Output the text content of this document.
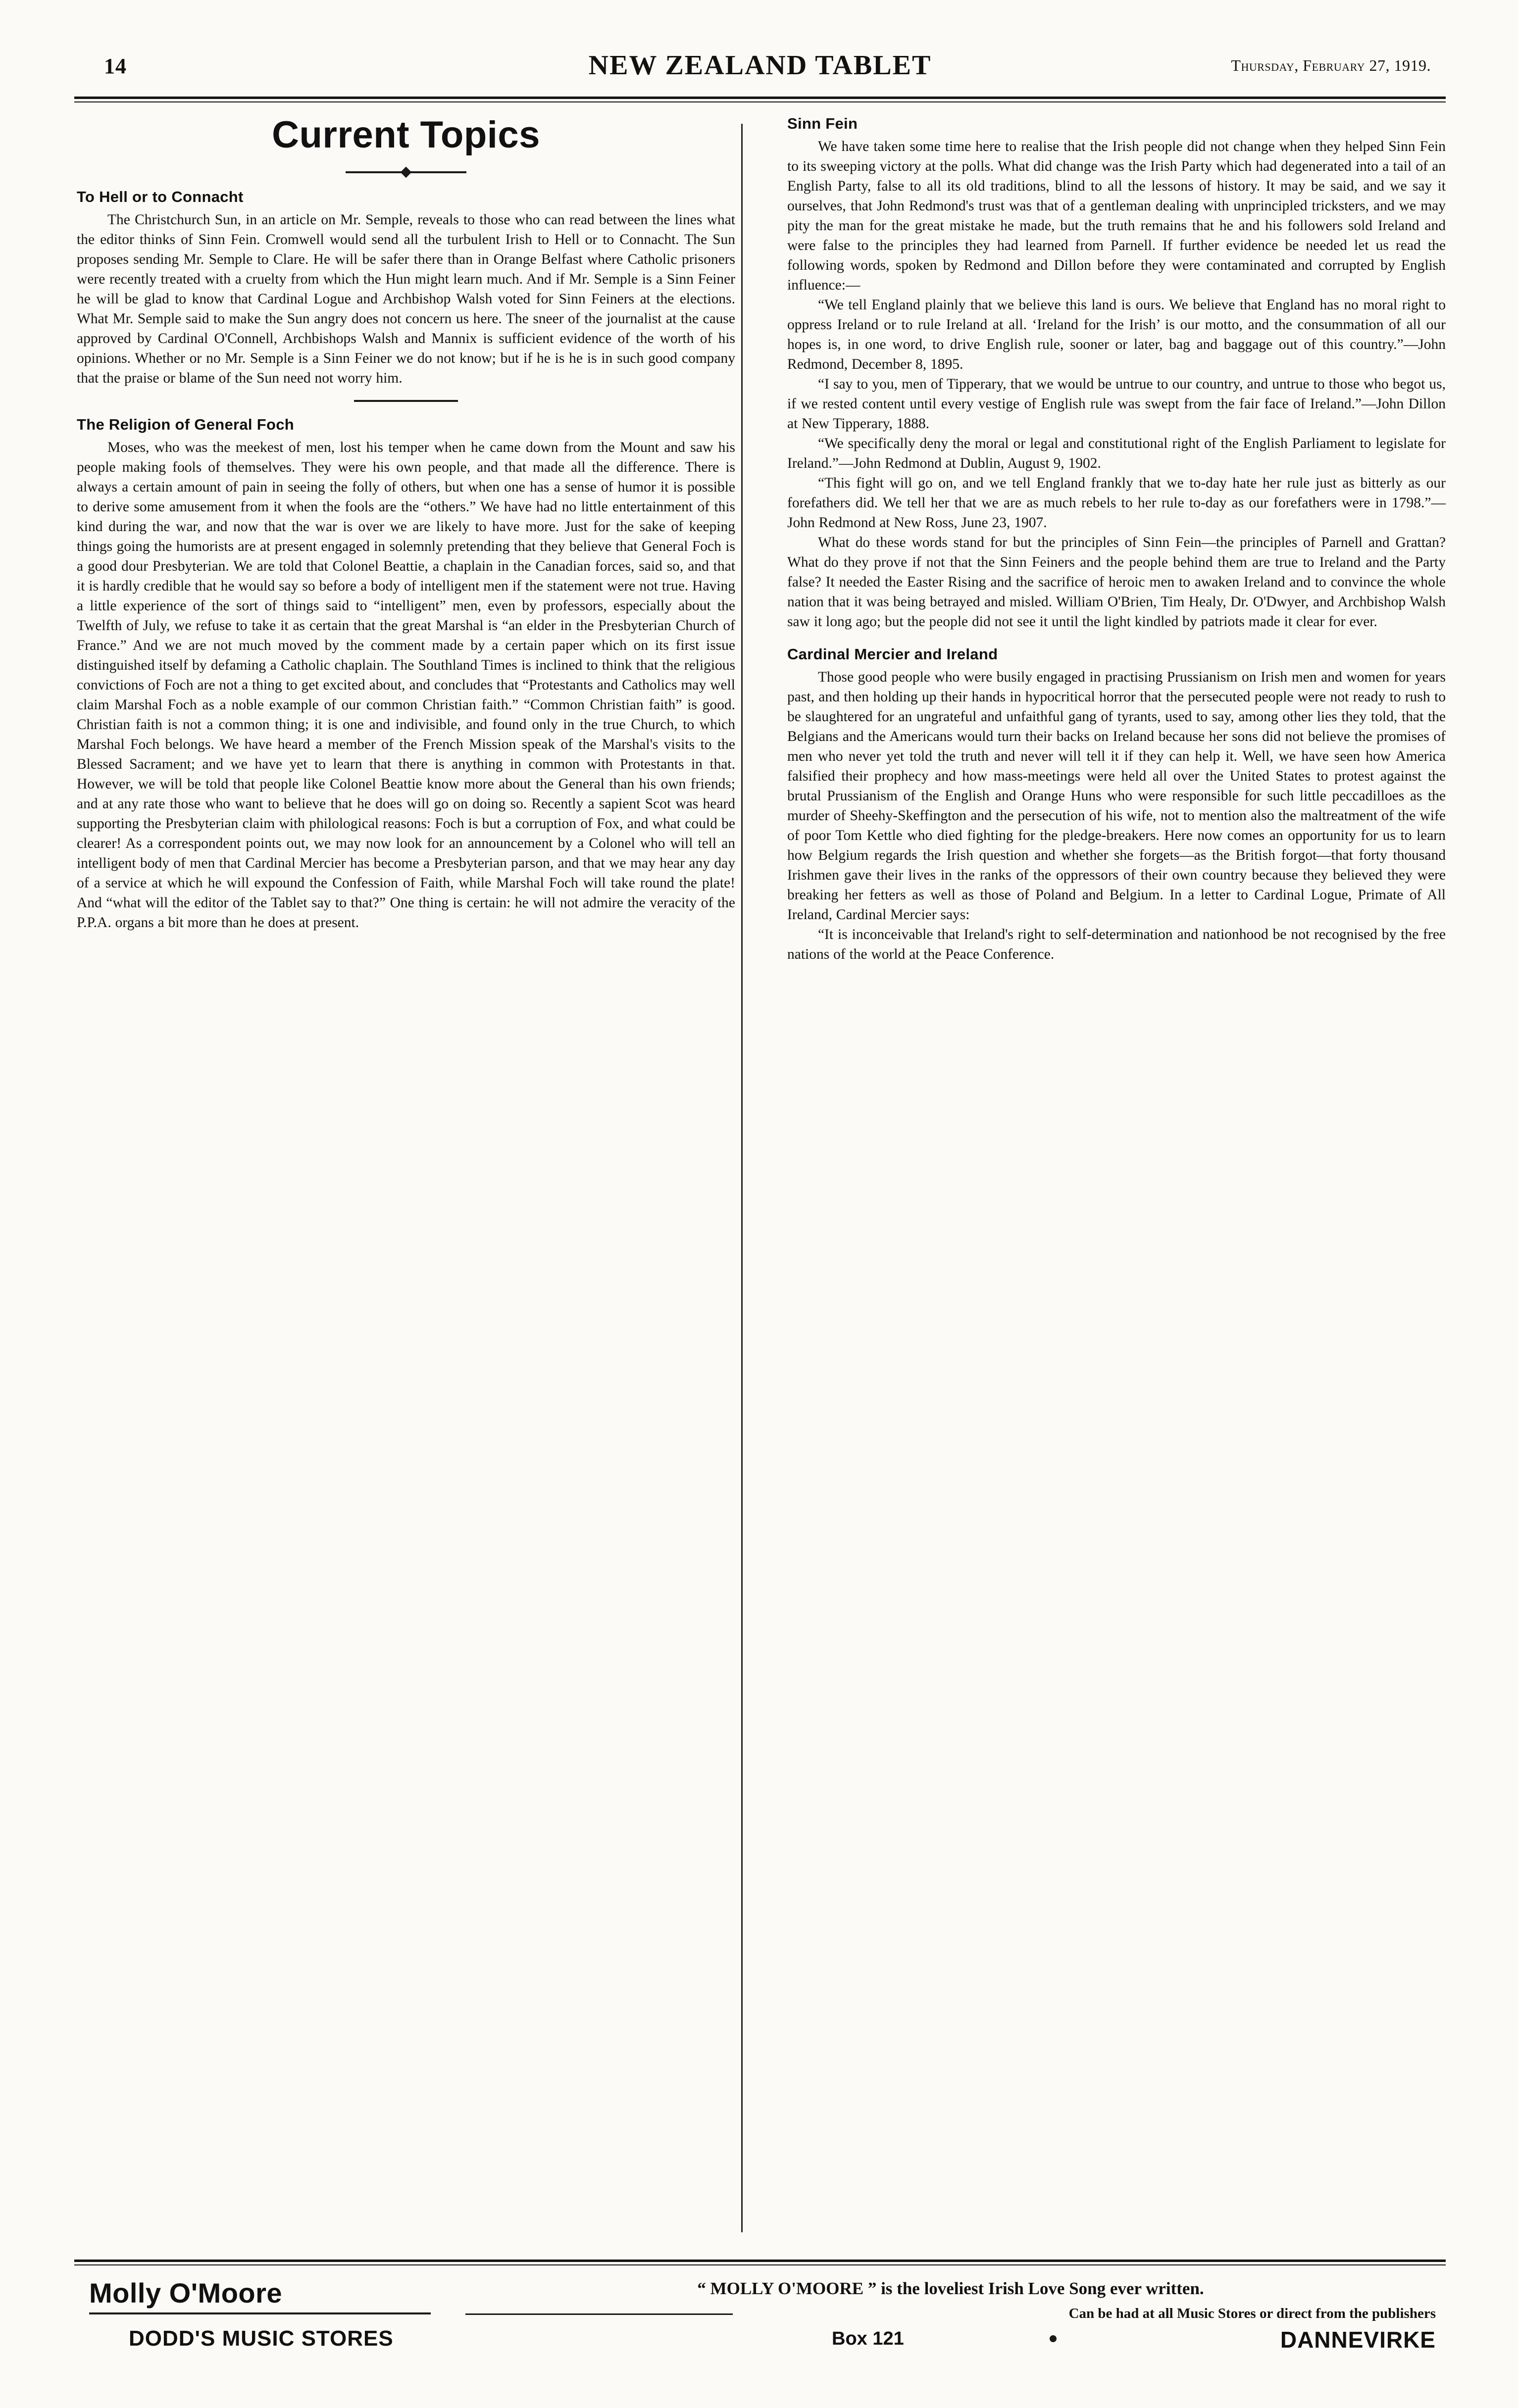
14	NEW ZEALAND TABLET	Thursday, February 27, 1919.
Current Topics
To Hell or to Connacht

The Christchurch Sun, in an article on Mr. Semple, reveals to those who can read between the lines what the editor thinks of Sinn Fein. Cromwell would send all the turbulent Irish to Hell or to Connacht. The Sun proposes sending Mr. Semple to Clare. He will be safer there than in Orange Belfast where Catholic prisoners were recently treated with a cruelty from which the Hun might learn much. And if Mr. Semple is a Sinn Feiner he will be glad to know that Cardinal Logue and Archbishop Walsh voted for Sinn Feiners at the elections. What Mr. Semple said to make the Sun angry does not concern us here. The sneer of the journalist at the cause approved by Cardinal O'Connell, Archbishops Walsh and Mannix is sufficient evidence of the worth of his opinions. Whether or no Mr. Semple is a Sinn Feiner we do not know; but if he is he is in such good company that the praise or blame of the Sun need not worry him.

The Religion of General Foch

Moses, who was the meekest of men, lost his temper when he came down from the Mount and saw his people making fools of themselves. They were his own people, and that made all the difference. There is always a certain amount of pain in seeing the folly of others, but when one has a sense of humor it is possible to derive some amusement from it when the fools are the “others.” We have had no little entertainment of this kind during the war, and now that the war is over we are likely to have more. Just for the sake of keeping things going the humorists are at present engaged in solemnly pretending that they believe that General Foch is a good dour Presbyterian. We are told that Colonel Beattie, a chaplain in the Canadian forces, said so, and that it is hardly credible that he would say so before a body of intelligent men if the statement were not true. Having a little experience of the sort of things said to “intelligent” men, even by professors, especially about the Twelfth of July, we refuse to take it as certain that the great Marshal is “an elder in the Presbyterian Church of France.” And we are not much moved by the comment made by a certain paper which on its first issue distinguished itself by defaming a Catholic chaplain. The Southland Times is inclined to think that the religious convictions of Foch are not a thing to get excited about, and concludes that “Protestants and Catholics may well claim Marshal Foch as a noble example of our common Christian faith.” “Common Christian faith” is good. Christian faith is not a common thing; it is one and indivisible, and found only in the true Church, to which Marshal Foch belongs. We have heard a member of the French Mission speak of the Marshal's visits to the Blessed Sacrament; and we have yet to learn that there is anything in common with Protestants in that. However, we will be told that people like Colonel Beattie know more about the General than his own friends; and at any rate those who want to believe that he does will go on doing so. Recently a sapient Scot was heard supporting the Presbyterian claim with philological reasons: Foch is but a corruption of Fox, and what could be clearer! As a correspondent points out, we may now look for an announcement by a Colonel who will tell an intelligent body of men that Cardinal Mercier has become a Presbyterian parson, and that we may hear any day of a service at which he will expound the Confession of Faith, while Marshal Foch will take round the plate! And “what will the editor of the Tablet say to that?” One thing is certain: he will not admire the veracity of the P.P.A. organs a bit more than he does at present.

Sinn Fein

We have taken some time here to realise that the Irish people did not change when they helped Sinn Fein to its sweeping victory at the polls. What did change was the Irish Party which had degenerated into a tail of an English Party, false to all its old traditions, blind to all the lessons of history. It may be said, and we say it ourselves, that John Redmond's trust was that of a gentleman dealing with unprincipled tricksters, and we may pity the man for the great mistake he made, but the truth remains that he and his followers sold Ireland and were false to the principles they had learned from Parnell. If further evidence be needed let us read the following words, spoken by Redmond and Dillon before they were contaminated and corrupted by English influence:—

“We tell England plainly that we believe this land is ours. We believe that England has no moral right to oppress Ireland or to rule Ireland at all. ‘Ireland for the Irish’ is our motto, and the consummation of all our hopes is, in one word, to drive English rule, sooner or later, bag and baggage out of this country.”—John Redmond, December 8, 1895.

“I say to you, men of Tipperary, that we would be untrue to our country, and untrue to those who begot us, if we rested content until every vestige of English rule was swept from the fair face of Ireland.”—John Dillon at New Tipperary, 1888.

“We specifically deny the moral or legal and constitutional right of the English Parliament to legislate for Ireland.”—John Redmond at Dublin, August 9, 1902.

“This fight will go on, and we tell England frankly that we to-day hate her rule just as bitterly as our forefathers did. We tell her that we are as much rebels to her rule to-day as our forefathers were in 1798.”—John Redmond at New Ross, June 23, 1907.

What do these words stand for but the principles of Sinn Fein—the principles of Parnell and Grattan? What do they prove if not that the Sinn Feiners and the people behind them are true to Ireland and the Party false? It needed the Easter Rising and the sacrifice of heroic men to awaken Ireland and to convince the whole nation that it was being betrayed and misled. William O'Brien, Tim Healy, Dr. O'Dwyer, and Archbishop Walsh saw it long ago; but the people did not see it until the light kindled by patriots made it clear for ever.

Cardinal Mercier and Ireland

Those good people who were busily engaged in practising Prussianism on Irish men and women for years past, and then holding up their hands in hypocritical horror that the persecuted people were not ready to rush to be slaughtered for an ungrateful and unfaithful gang of tyrants, used to say, among other lies they told, that the Belgians and the Americans would turn their backs on Ireland because her sons did not believe the promises of men who never yet told the truth and never will tell it if they can help it. Well, we have seen how America falsified their prophecy and how mass-meetings were held all over the United States to protest against the brutal Prussianism of the English and Orange Huns who were responsible for such little peccadilloes as the murder of Sheehy-Skeffington and the persecution of his wife, not to mention also the maltreatment of the wife of poor Tom Kettle who died fighting for the pledge-breakers. Here now comes an opportunity for us to learn how Belgium regards the Irish question and whether she forgets—as the British forgot—that forty thousand Irishmen gave their lives in the ranks of the oppressors of their own country because they believed they were breaking her fetters as well as those of Poland and Belgium. In a letter to Cardinal Logue, Primate of All Ireland, Cardinal Mercier says:

“It is inconceivable that Ireland's right to self-determination and nationhood be not recognised by the free nations of the world at the Peace Conference.

Molly O'Moore
DODD'S MUSIC STORES
“ MOLLY O'MOORE ” is the loveliest Irish Love Song ever written.
Can be had at all Music Stores or direct from the publishers
Box 121	DANNEVIRKE
